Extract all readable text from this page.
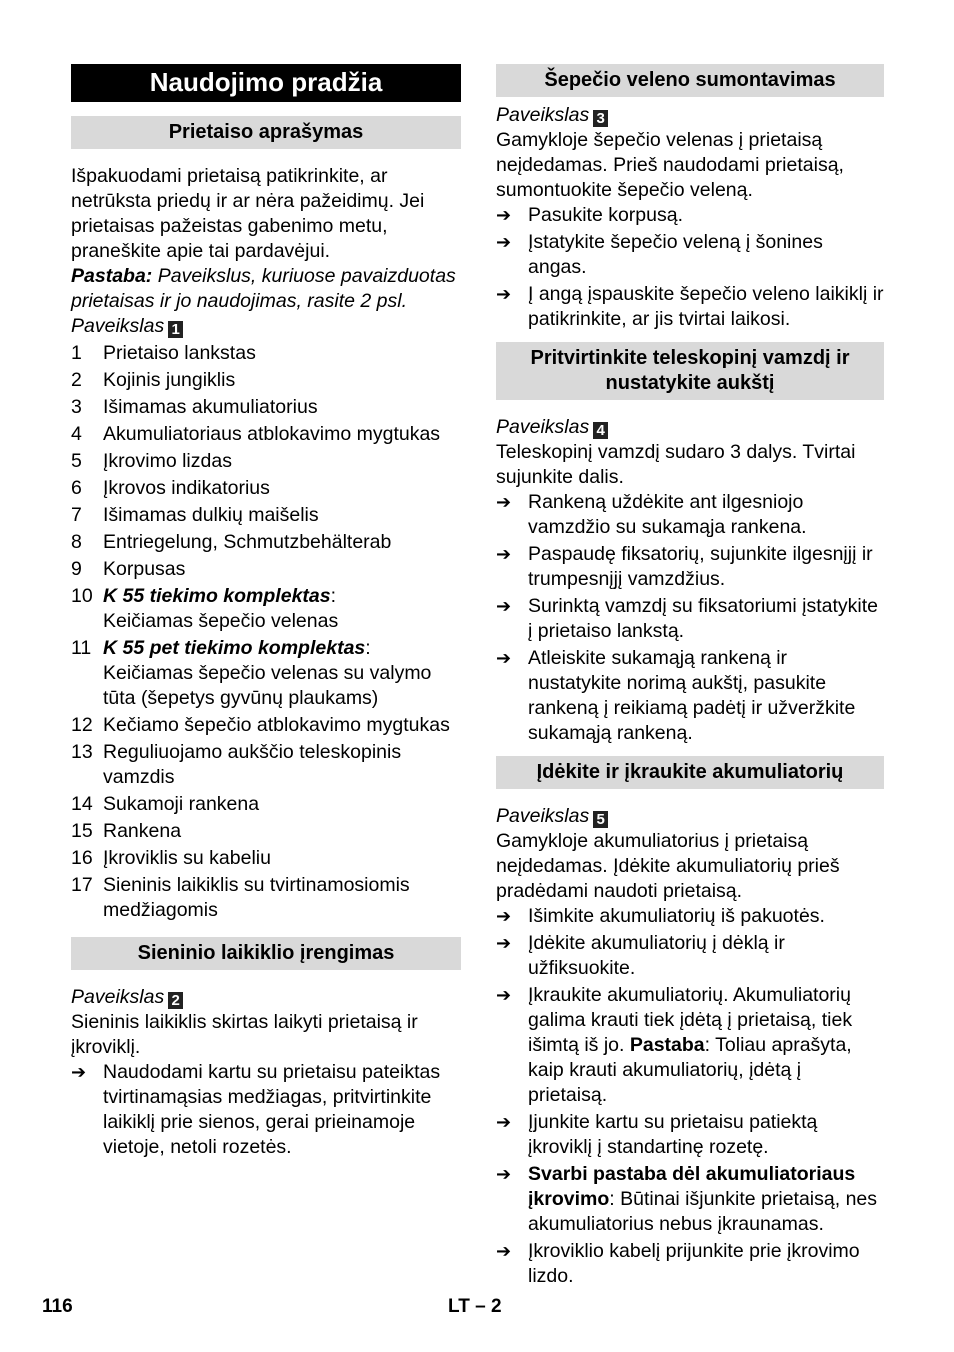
Naudojimo pradžia
Prietaiso aprašymas

Išpakuodami prietaisą patikrinkite, ar netrūksta priedų ir ar nėra pažeidimų. Jei prietaisas pažeistas gabenimo metu, praneškite apie tai pardavėjui.

Pastaba: Paveikslus, kuriuose pavaizduotas prietaisas ir jo naudojimas, rasite 2 psl.

Paveikslas 1

1	Prietaiso lankstas
2	Kojinis jungiklis
3	Išimamas akumuliatorius
4	Akumuliatoriaus atblokavimo mygtukas
5	Įkrovimo lizdas
6	Įkrovos indikatorius
7	Išimamas dulkių maišelis
8	Entriegelung, Schmutzbehälterab
9	Korpusas
10 K 55 tiekimo komplektas:
Keičiamas šepečio velenas
11 K 55 pet tiekimo komplektas:
Keičiamas šepečio velenas su valymo tūta (šepetys gyvūnų plaukams)
12 Kečiamo šepečio atblokavimo mygtukas
13 Reguliuojamo aukščio teleskopinis vamzdis
14 Sukamoji rankena
15 Rankena
16 Įkroviklis su kabeliu
17 Sieninis laikiklis su tvirtinamosiomis medžiagomis
Sieninio laikiklio įrengimas

Paveikslas 2

Sieninis laikiklis skirtas laikyti prietaisą ir įkroviklį.

➔ Naudodami kartu su prietaisu pateiktas tvirtinamąsias medžiagas, pritvirtinkite laikiklį prie sienos, gerai prieinamoje vietoje, netoli rozetės.
Šepečio veleno sumontavimas

Paveikslas 3

Gamykloje šepečio velenas į prietaisą neįdedamas. Prieš naudodami prietaisą, sumontuokite šepečio veleną.

➔ Pasukite korpusą.
➔ Įstatykite šepečio veleną į šonines angas.
➔ Į angą įspauskite šepečio veleno laikiklį ir patikrinkite, ar jis tvirtai laikosi.
Pritvirtinkite teleskopinį vamzdį ir nustatykite aukštį

Paveikslas 4

Teleskopinį vamzdį sudaro 3 dalys. Tvirtai sujunkite dalis.

➔ Rankeną uždėkite ant ilgesniojo vamzdžio su sukamąja rankena.
➔ Paspaudę fiksatorių, sujunkite ilgesnįjį ir trumpesnįjį vamzdžius.
➔ Surinktą vamzdį su fiksatoriumi įstatykite į prietaiso lankstą.
➔ Atleiskite sukamąją rankeną ir nustatykite norimą aukštį, pasukite rankeną į reikiamą padėtį ir užveržkite sukamąją rankeną.
Įdėkite ir įkraukite akumuliatorių

Paveikslas 5

Gamykloje akumuliatorius į prietaisą neįdedamas. Įdėkite akumuliatorių prieš pradėdami naudoti prietaisą.

➔ Išimkite akumuliatorių iš pakuotės.
➔ Įdėkite akumuliatorių į dėklą ir užfiksuokite.
➔ Įkraukite akumuliatorių. Akumuliatorių galima krauti tiek įdėtą į prietaisą, tiek išimtą iš jo. Pastaba: Toliau aprašyta, kaip krauti akumuliatorių, įdėtą į prietaisą.
➔ Įjunkite kartu su prietaisu patiektą įkroviklį į standartinę rozetę.
➔ Svarbi pastaba dėl akumuliatoriaus įkrovimo: Būtinai išjunkite prietaisą, nes akumuliatorius nebus įkraunamas.
➔ Įkroviklio kabelį prijunkite prie įkrovimo lizdo.
116	LT – 2
